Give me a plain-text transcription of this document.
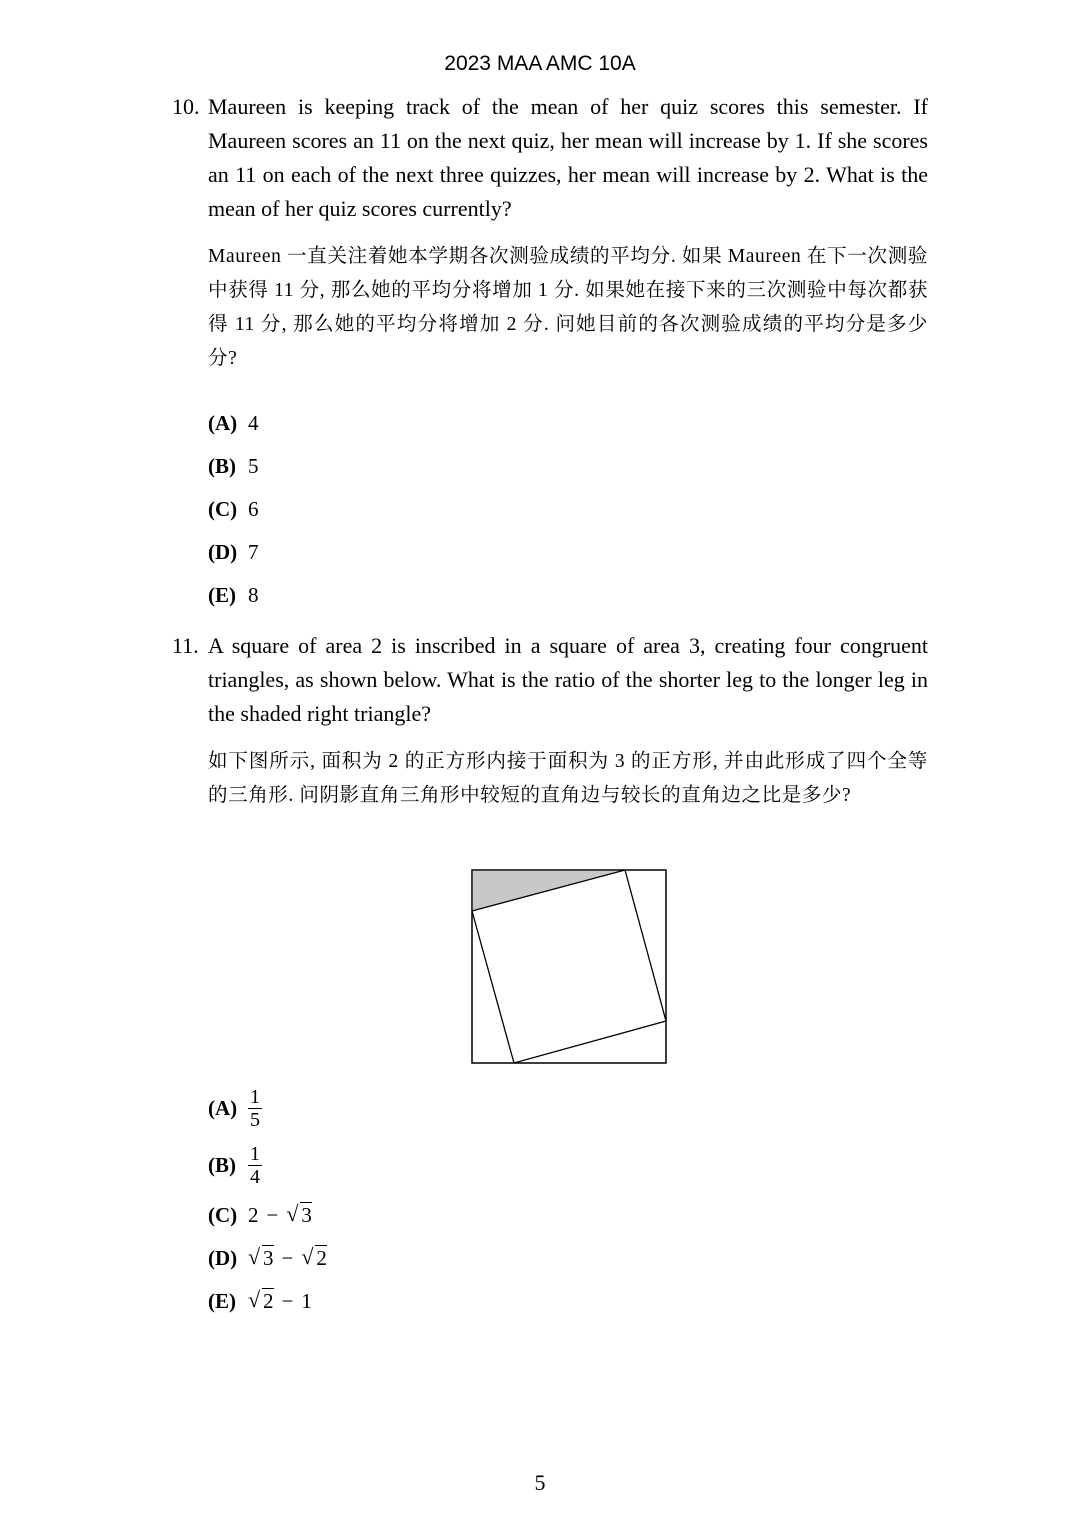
2023 MAA AMC 10A
10. Maureen is keeping track of the mean of her quiz scores this semester. If Maureen scores an 11 on the next quiz, her mean will increase by 1. If she scores an 11 on each of the next three quizzes, her mean will increase by 2. What is the mean of her quiz scores currently?
Maureen 一直关注着她本学期各次测验成绩的平均分. 如果 Maureen 在下一次测验中获得 11 分, 那么她的平均分将增加 1 分. 如果她在接下来的三次测验中每次都获得 11 分, 那么她的平均分将增加 2 分. 问她目前的各次测验成绩的平均分是多少分?
(A) 4
(B) 5
(C) 6
(D) 7
(E) 8
11. A square of area 2 is inscribed in a square of area 3, creating four congruent triangles, as shown below. What is the ratio of the shorter leg to the longer leg in the shaded right triangle?
如下图所示, 面积为 2 的正方形内接于面积为 3 的正方形, 并由此形成了四个全等的三角形. 问阴影直角三角形中较短的直角边与较长的直角边之比是多少?
$(A) \frac{1}{5}$
$(B) \frac{1}{4}$
(C) 2 − √ 3
(D) √ 3 − √ 2
(E) √ 2 − 1
5
